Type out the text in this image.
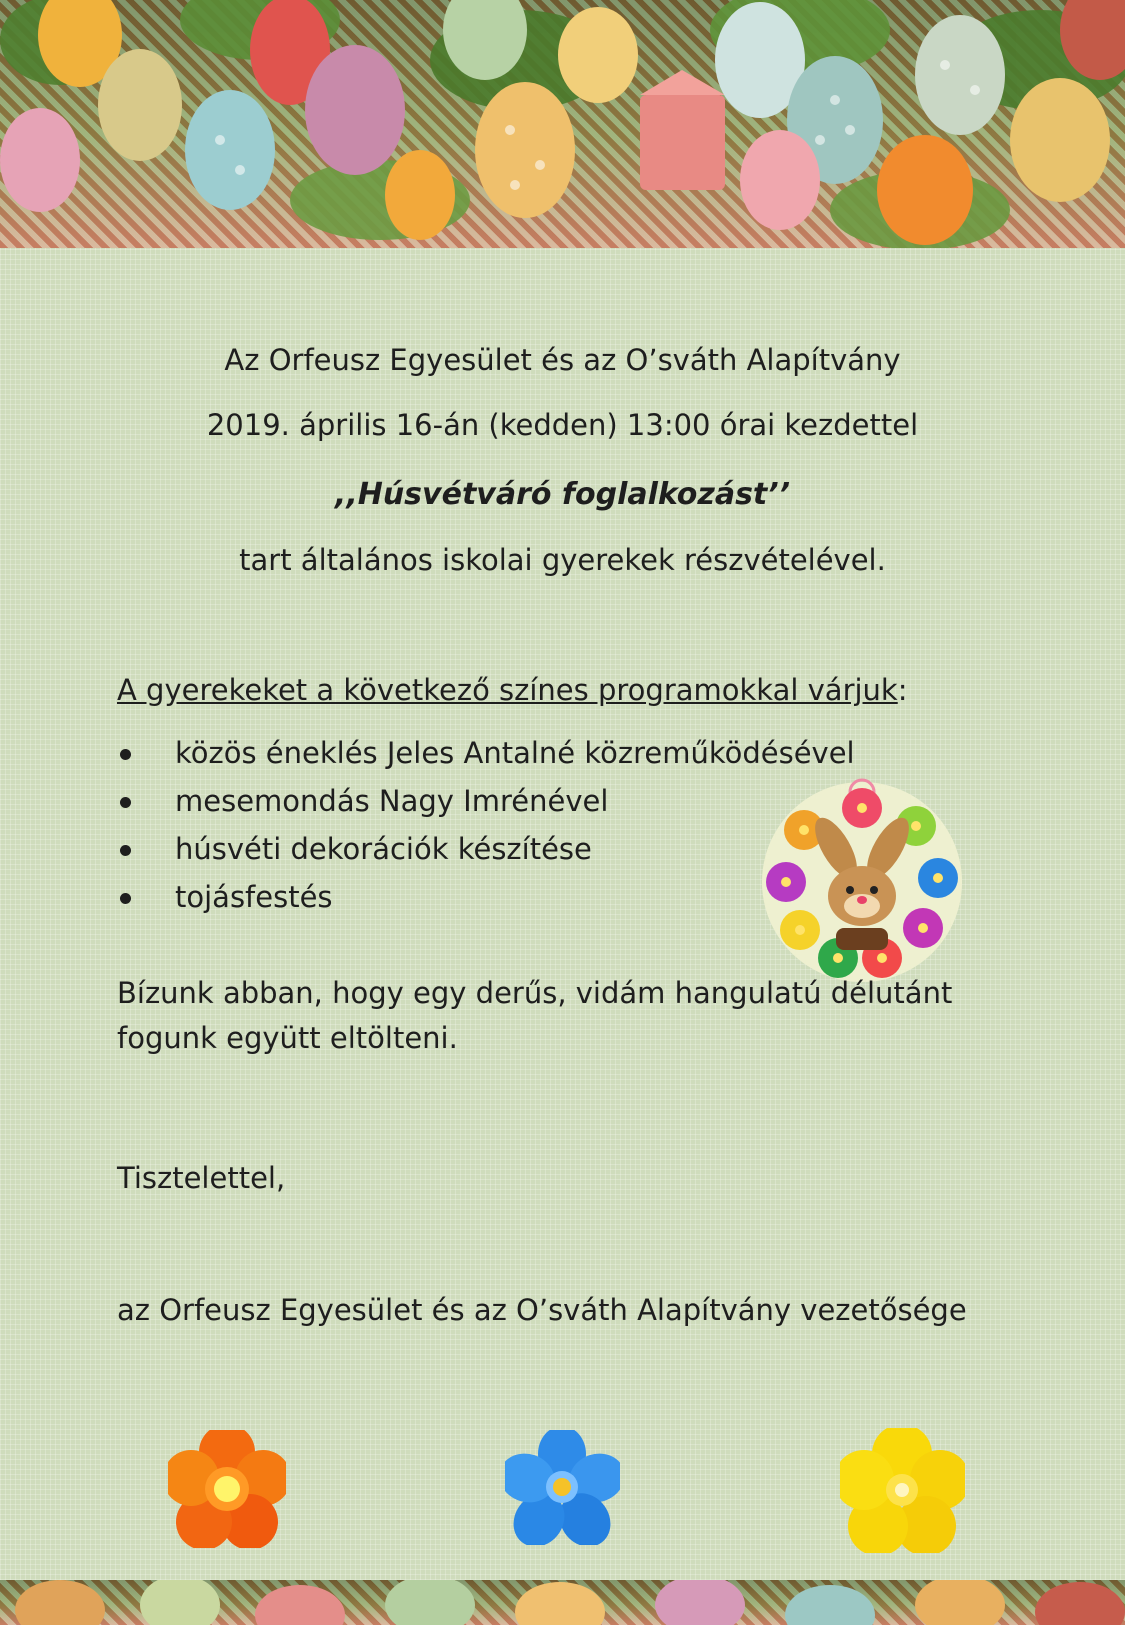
Az Orfeusz Egyesület és az O’sváth Alapítvány
2019. április 16-án (kedden) 13:00 órai kezdettel
,,Húsvétváró foglalkozást’’
tart általános iskolai gyerekek részvételével.
A gyerekeket a következő színes programokkal várjuk:
közös éneklés Jeles Antalné közreműködésével
mesemondás Nagy Imrénével
húsvéti dekorációk készítése
tojásfestés
Bízunk abban, hogy egy derűs, vidám hangulatú délutánt
fogunk együtt eltölteni.
Tisztelettel,
az Orfeusz Egyesület és az O’sváth Alapítvány vezetősége
